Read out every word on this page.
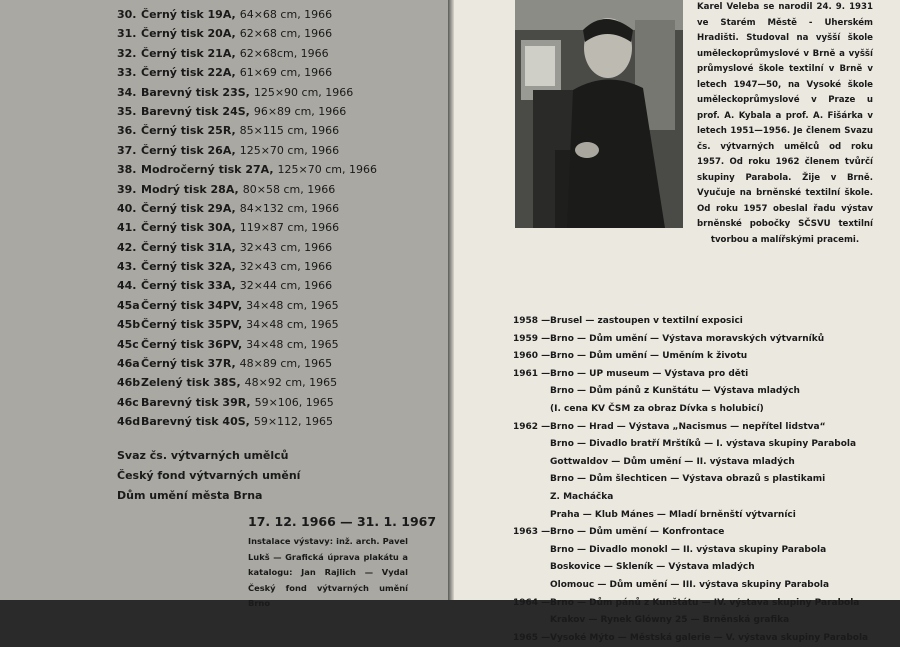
30. Černý tisk 19A, 64×68 cm, 1966
31. Černý tisk 20A, 62×68 cm, 1966
32. Černý tisk 21A, 62×68cm, 1966
33. Černý tisk 22A, 61×69 cm, 1966
34. Barevný tisk 23S, 125×90 cm, 1966
35. Barevný tisk 24S, 96×89 cm, 1966
36. Černý tisk 25R, 85×115 cm, 1966
37. Černý tisk 26A, 125×70 cm, 1966
38. Modročerný tisk 27A, 125×70 cm, 1966
39. Modrý tisk 28A, 80×58 cm, 1966
40. Černý tisk 29A, 84×132 cm, 1966
41. Černý tisk 30A, 119×87 cm, 1966
42. Černý tisk 31A, 32×43 cm, 1966
43. Černý tisk 32A, 32×43 cm, 1966
44. Černý tisk 33A, 32×44 cm, 1966
45a Černý tisk 34PV, 34×48 cm, 1965
45b Černý tisk 35PV, 34×48 cm, 1965
45c Černý tisk 36PV, 34×48 cm, 1965
46a Černý tisk 37R, 48×89 cm, 1965
46b Zelený tisk 38S, 48×92 cm, 1965
46c Barevný tisk 39R, 59×106, 1965
46d Barevný tisk 40S, 59×112, 1965
Svaz čs. výtvarných umělců
Český fond výtvarných umění
Dům umění města Brna
17. 12. 1966 — 31. 1. 1967
Instalace výstavy: inž. arch. Pavel Lukš — Grafická úprava plakátu a katalogu: Jan Rajlich — Vydal Český fond výtvarných umění Brno
Karel Veleba se narodil 24. 9. 1931 ve Starém Městě - Uherském Hradišti. Studoval na vyšší škole uměleckoprůmyslové v Brně a vyšší průmyslové škole textilní v Brně v letech 1947—50, na Vysoké škole uměleckoprůmyslové v Praze u prof. A. Kybala a prof. A. Fišárka v letech 1951—1956. Je členem Svazu čs. výtvarných umělců od roku 1957. Od roku 1962 členem tvůrčí skupiny Parabola. Žije v Brně. Vyučuje na brněnské textilní škole. Od roku 1957 obeslal řadu výstav brněnské pobočky SČSVU textilní tvorbou a malířskými pracemi.
1958 — Brusel — zastoupen v textilní exposici
1959 — Brno — Dům umění — Výstava moravských výtvarníků
1960 — Brno — Dům umění — Uměním k životu
1961 — Brno — UP museum — Výstava pro děti
Brno — Dům pánů z Kunštátu — Výstava mladých
(I. cena KV ČSM za obraz Dívka s holubicí)
1962 — Brno — Hrad — Výstava „Nacismus — nepřítel lidstva“
Brno — Divadlo bratří Mrštíků — I. výstava skupiny Parabola
Gottwaldov — Dům umění — II. výstava mladých
Brno — Dům šlechticen — Výstava obrazů s plastikami
Z. Macháčka
Praha — Klub Mánes — Mladí brněnští výtvarníci
1963 — Brno — Dům umění — Konfrontace
Brno — Divadlo monokl — II. výstava skupiny Parabola
Boskovice — Skleník — Výstava mladých
Olomouc — Dům umění — III. výstava skupiny Parabola
1964 — Brno — Dům pánů z Kunštátu — IV. výstava skupiny Parabola
Krakov — Rynek Glówny 25 — Brněnská grafika
1965 — Vysoké Mýto — Městská galerie — V. výstava skupiny Parabola
